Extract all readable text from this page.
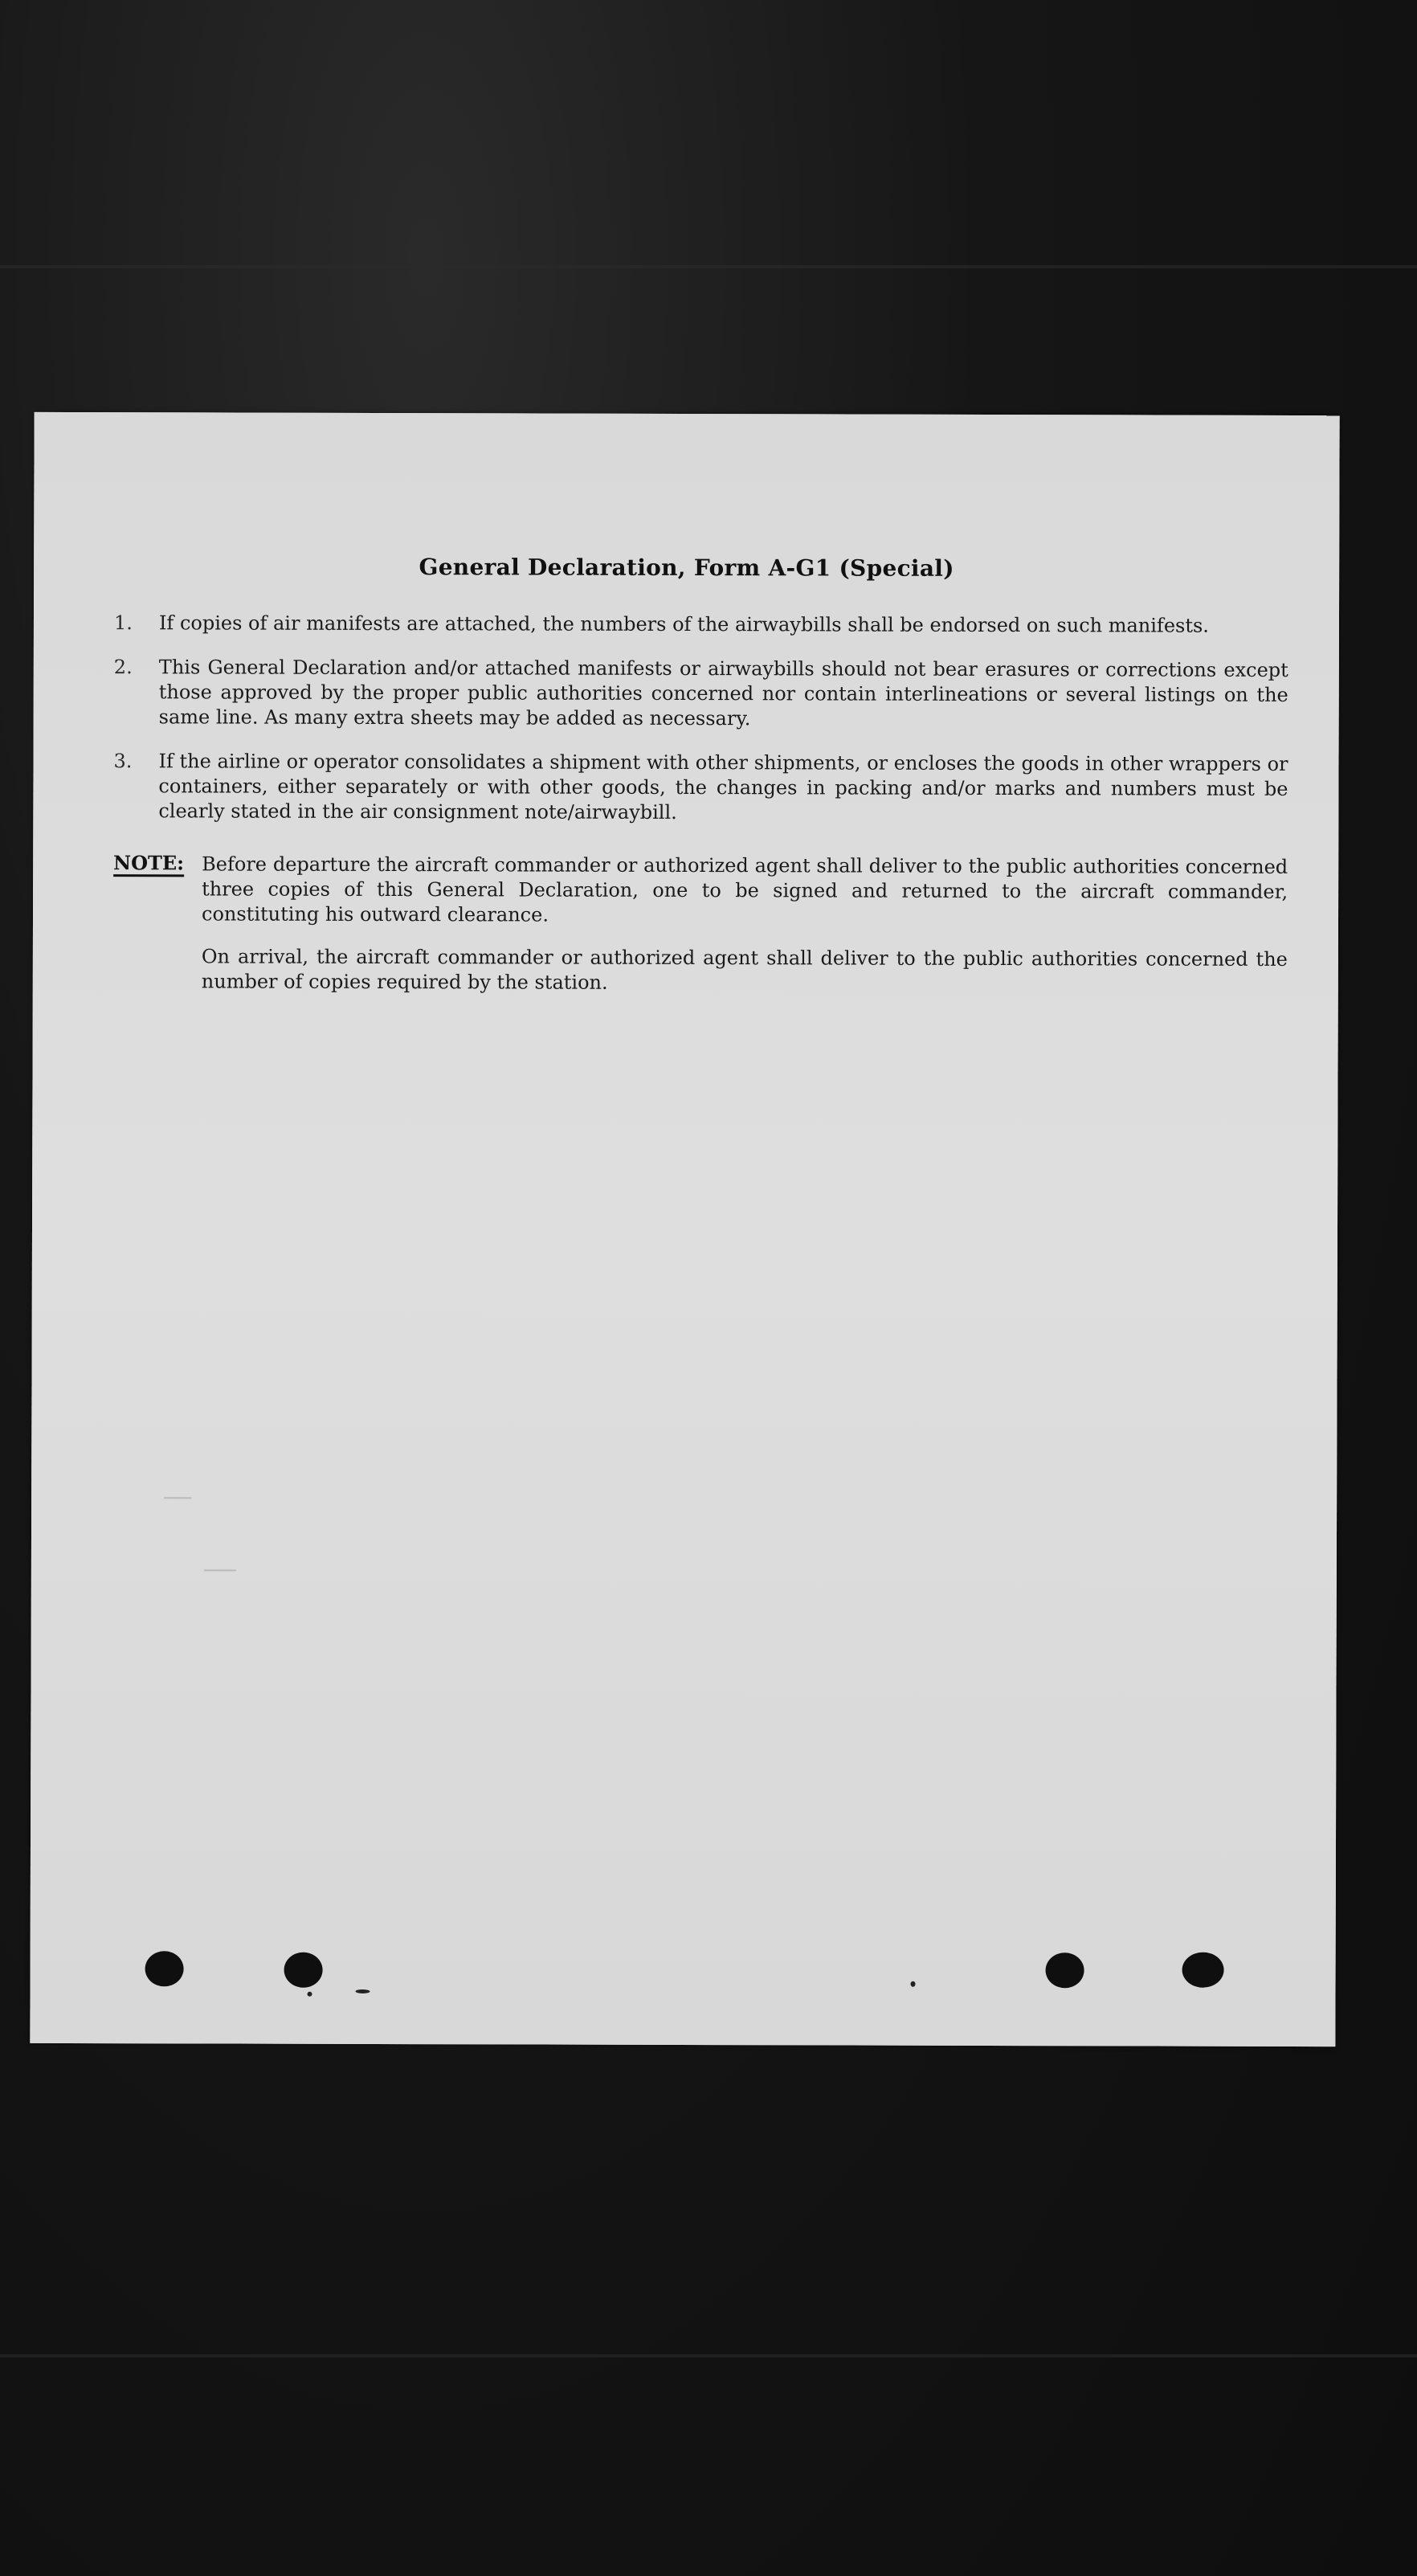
General Declaration, Form A-G1 (Special)
1. If copies of air manifests are attached, the numbers of the airwaybills shall be endorsed on such manifests.
2. This General Declaration and/or attached manifests or airwaybills should not bear erasures or corrections except those approved by the proper public authorities concerned nor contain interlineations or several listings on the same line. As many extra sheets may be added as necessary.
3. If the airline or operator consolidates a shipment with other shipments, or encloses the goods in other wrappers or containers, either separately or with other goods, the changes in packing and/or marks and numbers must be clearly stated in the air consignment note/airwaybill.
NOTE: Before departure the aircraft commander or authorized agent shall deliver to the public authorities concerned three copies of this General Declaration, one to be signed and returned to the aircraft commander, constituting his outward clearance.
On arrival, the aircraft commander or authorized agent shall deliver to the public authorities concerned the number of copies required by the station.
